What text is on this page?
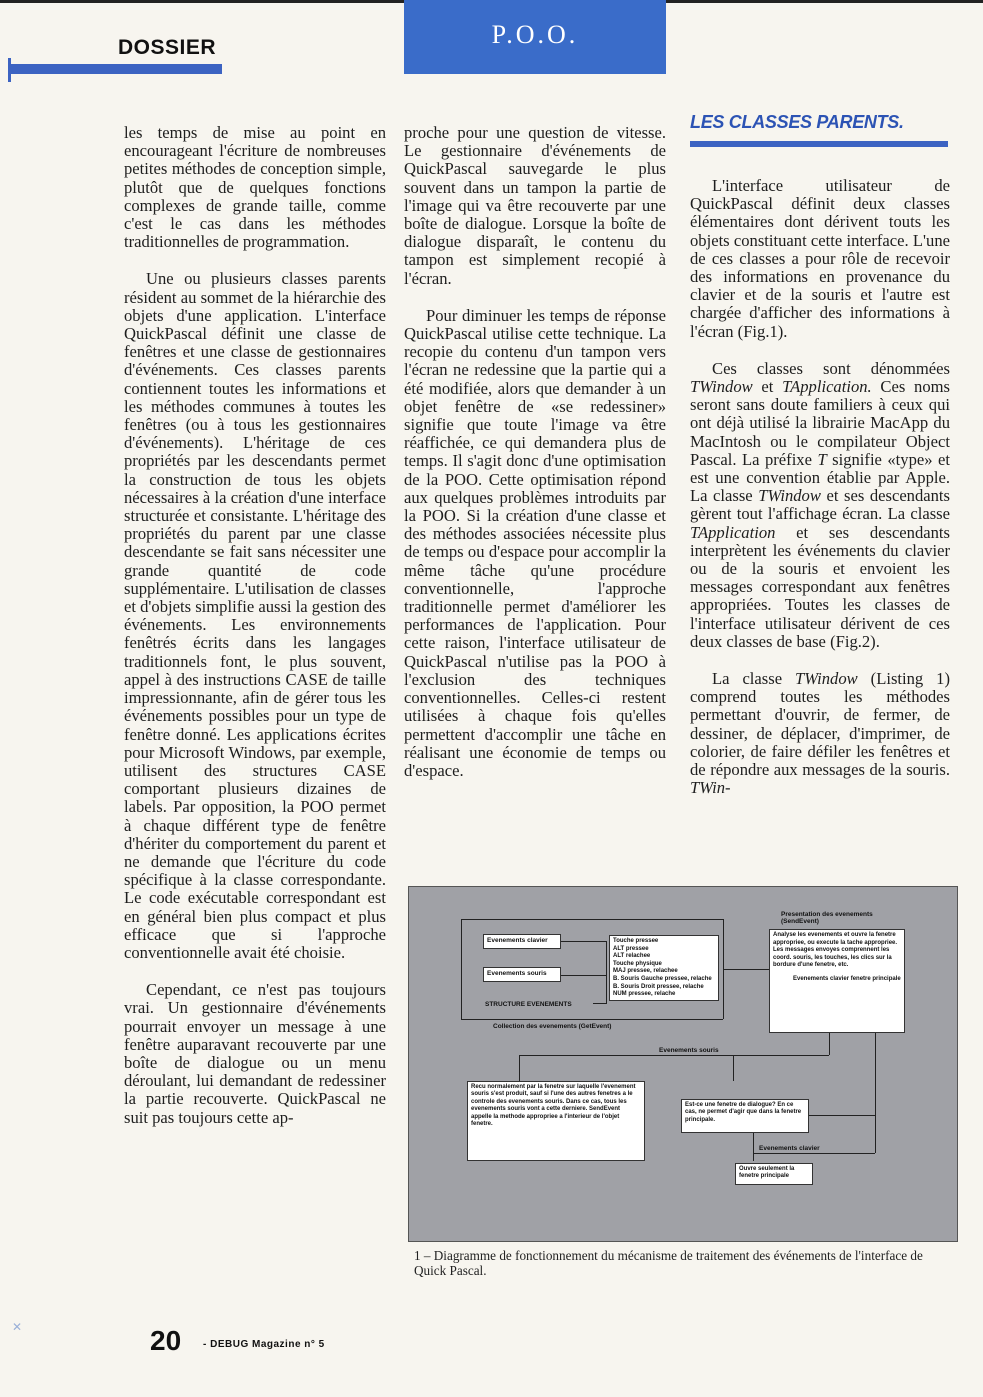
DOSSIER	P.O.O.

les temps de mise au point en encourageant l'écriture de nombreuses petites méthodes de conception simple, plutôt que de quelques fonctions complexes de grande taille, comme c'est le cas dans les méthodes traditionnelles de programmation.

Une ou plusieurs classes parents résident au sommet de la hiérarchie des objets d'une application. L'interface QuickPascal définit une classe de fenêtres et une classe de gestionnaires d'événements. Ces classes parents contiennent toutes les informations et les méthodes communes à toutes les fenêtres (ou à tous les gestionnaires d'événements). L'héritage de ces propriétés par les descendants permet la construction de tous les objets nécessaires à la création d'une interface structurée et consistante. L'héritage des propriétés du parent par une classe descendante se fait sans nécessiter une grande quantité de code supplémentaire. L'utilisation de classes et d'objets simplifie aussi la gestion des événements. Les environnements fenêtrés écrits dans les langages traditionnels font, le plus souvent, appel à des instructions CASE de taille impressionnante, afin de gérer tous les événements possibles pour un type de fenêtre donné. Les applications écrites pour Microsoft Windows, par exemple, utilisent des structures CASE comportant plusieurs dizaines de labels. Par opposition, la POO permet à chaque différent type de fenêtre d'hériter du comportement du parent et ne demande que l'écriture du code spécifique à la classe correspondante. Le code exécutable correspondant est en général bien plus compact et plus efficace que si l'approche conventionnelle avait été choisie.

Cependant, ce n'est pas toujours vrai. Un gestionnaire d'événements pourrait envoyer un message à une fenêtre auparavant recouverte par une boîte de dialogue ou un menu déroulant, lui demandant de redessiner la partie recouverte. QuickPascal ne suit pas toujours cette ap-

proche pour une question de vitesse. Le gestionnaire d'événements de QuickPascal sauvegarde le plus souvent dans un tampon la partie de l'image qui va être recouverte par une boîte de dialogue. Lorsque la boîte de dialogue disparaît, le contenu du tampon est simplement recopié à l'écran.

Pour diminuer les temps de réponse QuickPascal utilise cette technique. La recopie du contenu d'un tampon vers l'écran ne redessine que la partie qui a été modifiée, alors que demander à un objet fenêtre de «se redessiner» signifie que toute l'image va être réaffichée, ce qui demandera plus de temps. Il s'agit donc d'une optimisation de la POO. Cette optimisation répond aux quelques problèmes introduits par la POO. Si la création d'une classe et des méthodes associées nécessite plus de temps ou d'espace pour accomplir la même tâche qu'une procédure conventionnelle, l'approche traditionnelle permet d'améliorer les performances de l'application. Pour cette raison, l'interface utilisateur de QuickPascal n'utilise pas la POO à l'exclusion des techniques conventionnelles. Celles-ci restent utilisées à chaque fois qu'elles permettent d'accomplir une tâche en réalisant une économie de temps ou d'espace.

LES CLASSES PARENTS.

L'interface utilisateur de QuickPascal définit deux classes élémentaires dont dérivent touts les objets constituant cette interface. L'une de ces classes a pour rôle de recevoir des informations en provenance du clavier et de la souris et l'autre est chargée d'afficher des informations à l'écran (Fig.1).

Ces classes sont dénommées TWindow et TApplication. Ces noms seront sans doute familiers à ceux qui ont déjà utilisé la librairie MacApp du MacIntosh ou le compilateur Object Pascal. La préfixe T signifie «type» et est une convention établie par Apple. La classe TWindow et ses descendants gèrent tout l'affichage écran. La classe TApplication et ses descendants interprètent les événements du clavier ou de la souris et envoient les messages correspondant aux fenêtres appropriées. Toutes les classes de l'interface utilisateur dérivent de ces deux classes de base (Fig.2).

La classe TWindow (Listing 1) comprend toutes les méthodes permettant d'ouvrir, de fermer, de dessiner, de déplacer, d'imprimer, de colorier, de faire défiler les fenêtres et de répondre aux messages de la souris. TWin-

Evenements clavier
Evenements souris
STRUCTURE EVENEMENTS
Touche pressee
ALT pressee
ALT relachee
Touche physique
MAJ pressee, relachee
B. Souris Gauche pressee, relache
B. Souris Droit pressee, relache
NUM pressee, relache
Collection des evenements (GetEvent)
Presentation des evenements (SendEvent)
Analyse les evenements et ouvre la fenetre appropriee, ou execute la tache appropriee. Les messages envoyes comprennent les coord. souris, les touches, les clics sur la bordure d'une fenetre, etc.
Evenements clavier fenetre principale
Evenements souris
Recu normalement par la fenetre sur laquelle l'evenement souris s'est produit, sauf si l'une des autres fenetres a le controle des evenements souris. Dans ce cas, tous les evenements souris vont a cette derniere. SendEvent appelle la methode appropriee a l'interieur de l'objet fenetre.
Est-ce une fenetre de dialogue? En ce cas, ne permet d'agir que dans la fenetre principale.
Evenements clavier
Ouvre seulement la fenetre principale
1 – Diagramme de fonctionnement du mécanisme de traitement des événements de l'interface de Quick Pascal.
✕	20 - DEBUG Magazine n° 5
